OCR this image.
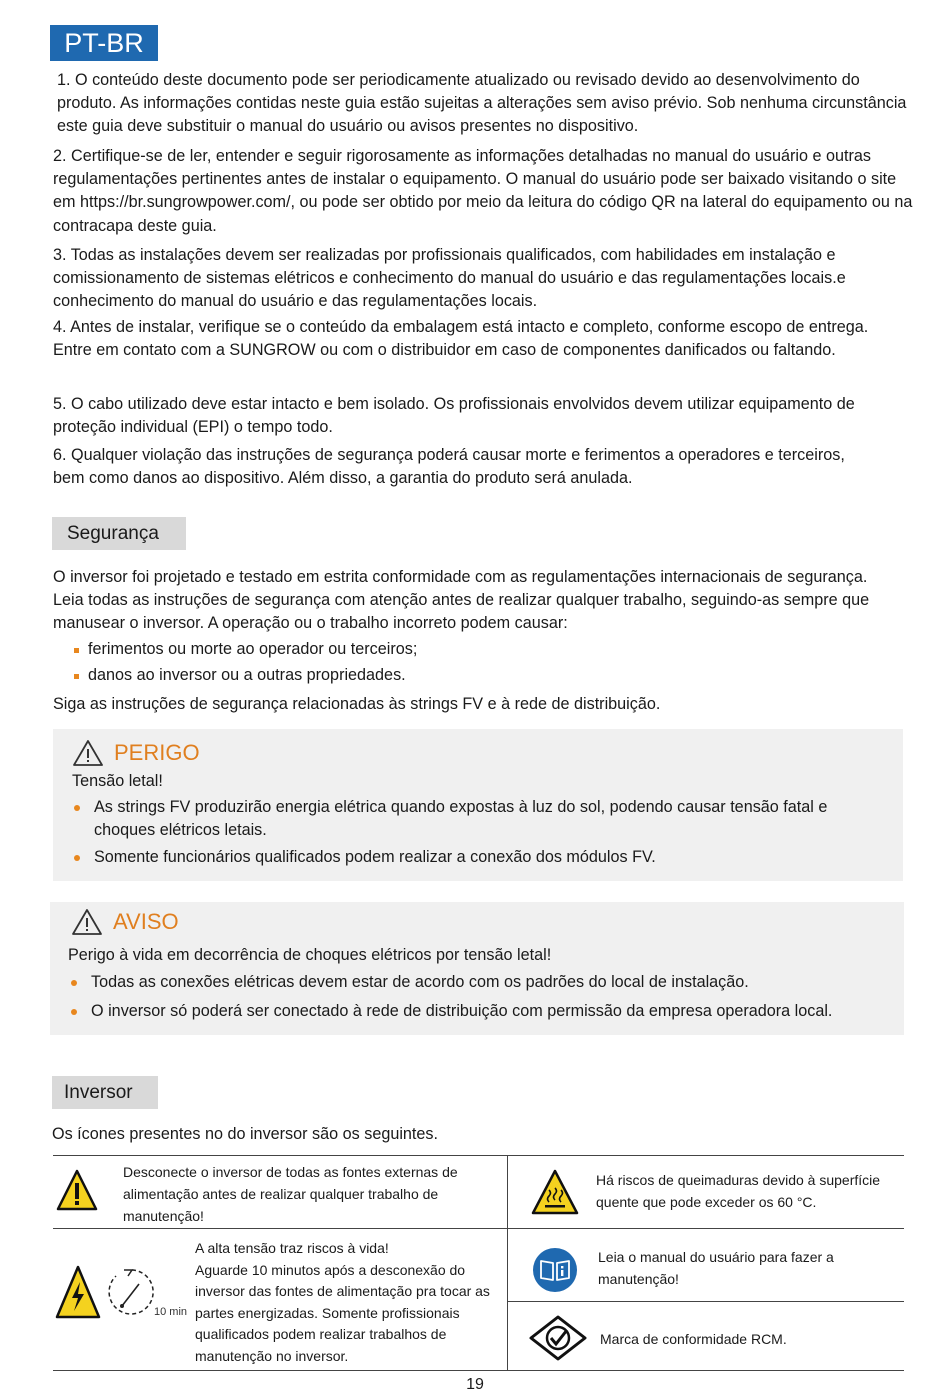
PT-BR

1. O conteúdo deste documento pode ser periodicamente atualizado ou revisado devido ao desenvolvimento do produto. As informações contidas neste guia estão sujeitas a alterações sem aviso prévio. Sob nenhuma circunstância este guia deve substituir o manual do usuário ou avisos presentes no dispositivo.

2. Certifique-se de ler, entender e seguir rigorosamente as informações detalhadas no manual do usuário e outras regulamentações pertinentes antes de instalar o equipamento. O manual do usuário pode ser baixado visitando o site em https://br.sungrowpower.com/, ou pode ser obtido por meio da leitura do código QR na lateral do equipamento ou na contracapa deste guia.

3. Todas as instalações devem ser realizadas por profissionais qualificados, com habilidades em instalação e comissionamento de sistemas elétricos e conhecimento do manual do usuário e das regulamentações locais.e conhecimento do manual do usuário e das regulamentações locais.

4. Antes de instalar, verifique se o conteúdo da embalagem está intacto e completo, conforme escopo de entrega. Entre em contato com a SUNGROW ou com o distribuidor em caso de componentes danificados ou faltando.

5. O cabo utilizado deve estar intacto e bem isolado. Os profissionais envolvidos devem utilizar equipamento de proteção individual (EPI) o tempo todo.

6. Qualquer violação das instruções de segurança poderá causar morte e ferimentos a operadores e terceiros, bem como danos ao dispositivo. Além disso, a garantia do produto será anulada.

Segurança

O inversor foi projetado e testado em estrita conformidade com as regulamentações internacionais de segurança. Leia todas as instruções de segurança com atenção antes de realizar qualquer trabalho, seguindo-as sempre que manusear o inversor. A operação ou o trabalho incorreto podem causar:

ferimentos ou morte ao operador ou terceiros;
danos ao inversor ou a outras propriedades.

Siga as instruções de segurança relacionadas às strings FV e à rede de distribuição.

PERIGO
Tensão letal!
As strings FV produzirão energia elétrica quando expostas à luz do sol, podendo causar tensão fatal e choques elétricos letais.
Somente funcionários qualificados podem realizar a conexão dos módulos FV.
AVISO
Perigo à vida em decorrência de choques elétricos por tensão letal!
Todas as conexões elétricas devem estar de acordo com os padrões do local de instalação.
O inversor só poderá ser conectado à rede de distribuição com permissão da empresa operadora local.
Inversor

Os ícones presentes no do inversor são os seguintes.

Desconecte o inversor de todas as fontes externas de alimentação antes de realizar qualquer trabalho de manutenção!
Há riscos de queimaduras devido à superfície quente que pode exceder os 60 °C.
10 min
A alta tensão traz riscos à vida!
Aguarde 10 minutos após a desconexão do inversor das fontes de alimentação pra tocar as partes energizadas. Somente profissionais qualificados podem realizar trabalhos de manutenção no inversor.
Leia o manual do usuário para fazer a manutenção!
Marca de conformidade RCM.
19
